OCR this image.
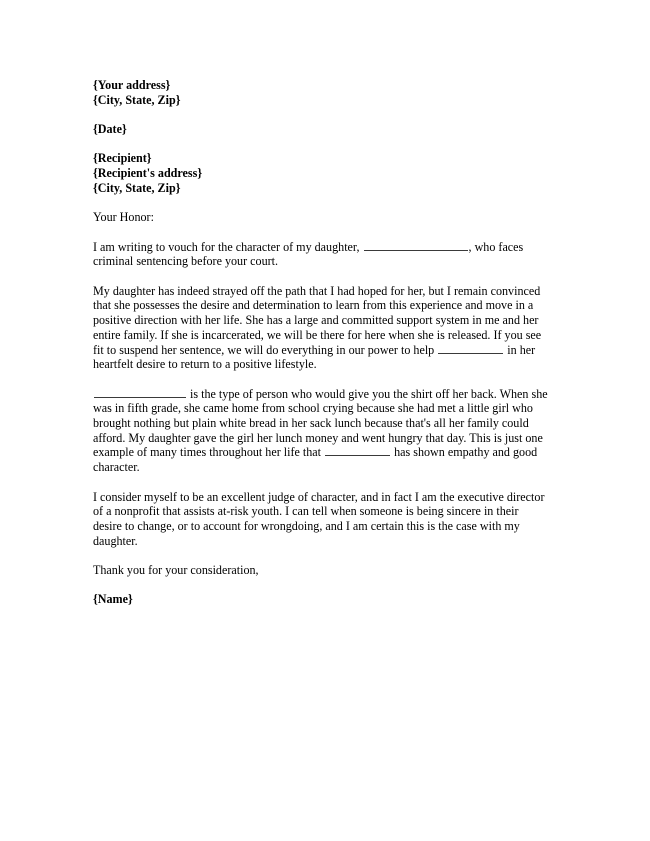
{Your address}
{City, State, Zip}
{Date}
{Recipient}
{Recipient's address}
{City, State, Zip}

Your Honor:

I am writing to vouch for the character of my daughter,	, who faces criminal sentencing before your court.

My daughter has indeed strayed off the path that I had hoped for her, but I remain convinced that she possesses the desire and determination to learn from this experience and move in a positive direction with her life. She has a large and committed support system in me and her entire family. If she is incarcerated, we will be there for here when she is released. If you see fit to suspend her sentence, we will do everything in our power to help	in her heartfelt desire to return to a positive lifestyle.

is the type of person who would give you the shirt off her back. When she was in fifth grade, she came home from school crying because she had met a little girl who brought nothing but plain white bread in her sack lunch because that's all her family could afford. My daughter gave the girl her lunch money and went hungry that day. This is just one example of many times throughout her life that	has shown empathy and good character.

I consider myself to be an excellent judge of character, and in fact I am the executive director of a nonprofit that assists at-risk youth. I can tell when someone is being sincere in their desire to change, or to account for wrongdoing, and I am certain this is the case with my daughter.

Thank you for your consideration,

{Name}
